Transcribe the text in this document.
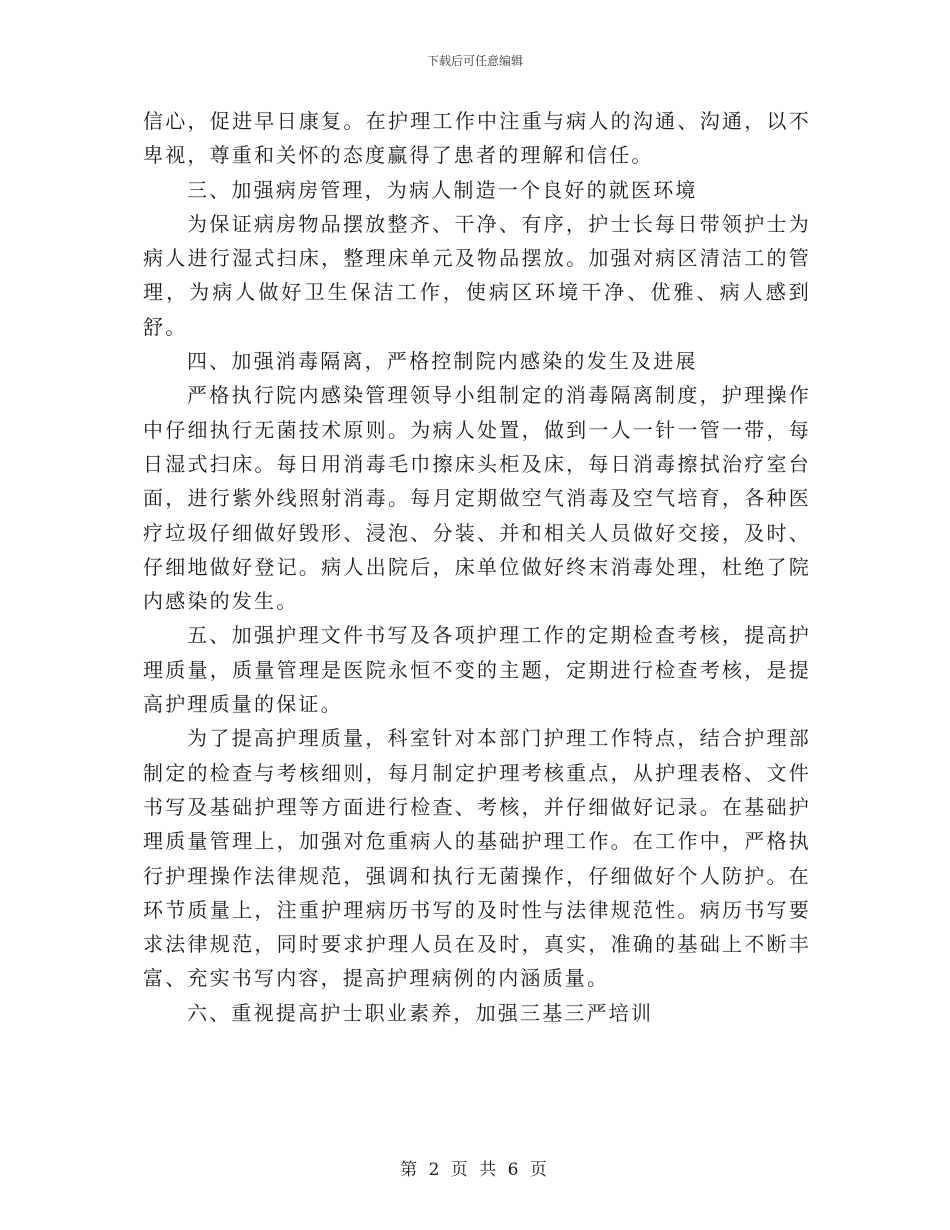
下载后可任意编辑

信心，促进早日康复。在护理工作中注重与病人的沟通、沟通，以不卑视，尊重和关怀的态度赢得了患者的理解和信任。

三、加强病房管理，为病人制造一个良好的就医环境

为保证病房物品摆放整齐、干净、有序，护士长每日带领护士为病人进行湿式扫床，整理床单元及物品摆放。加强对病区清洁工的管理，为病人做好卫生保洁工作，使病区环境干净、优雅、病人感到舒。

四、加强消毒隔离，严格控制院内感染的发生及进展

严格执行院内感染管理领导小组制定的消毒隔离制度，护理操作中仔细执行无菌技术原则。为病人处置，做到一人一针一管一带，每日湿式扫床。每日用消毒毛巾擦床头柜及床，每日消毒擦拭治疗室台面，进行紫外线照射消毒。每月定期做空气消毒及空气培育，各种医疗垃圾仔细做好毁形、浸泡、分装、并和相关人员做好交接，及时、仔细地做好登记。病人出院后，床单位做好终末消毒处理，杜绝了院内感染的发生。

五、加强护理文件书写及各项护理工作的定期检查考核，提高护理质量，质量管理是医院永恒不变的主题，定期进行检查考核，是提高护理质量的保证。

为了提高护理质量，科室针对本部门护理工作特点，结合护理部制定的检查与考核细则，每月制定护理考核重点，从护理表格、文件书写及基础护理等方面进行检查、考核，并仔细做好记录。在基础护理质量管理上，加强对危重病人的基础护理工作。在工作中，严格执行护理操作法律规范，强调和执行无菌操作，仔细做好个人防护。在环节质量上，注重护理病历书写的及时性与法律规范性。病历书写要求法律规范，同时要求护理人员在及时，真实，准确的基础上不断丰富、充实书写内容，提高护理病例的内涵质量。

六、重视提高护士职业素养，加强三基三严培训

第 2 页 共 6 页
